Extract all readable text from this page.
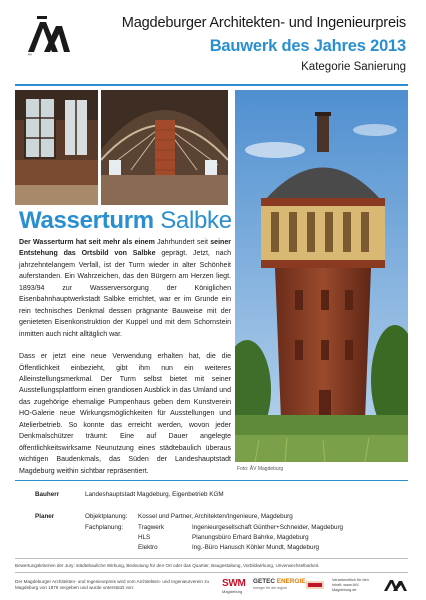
ÅV
Magdeburger Architekten- und Ingenieurpreis
Bauwerk des Jahres 2013
Kategorie Sanierung
Foto: ÅV Magdeburg
Wasserturm Salbke

Der Wasserturm hat seit mehr als einem Jahrhundert seit seiner Entstehung das Ortsbild von Salbke geprägt. Jetzt, nach jahrzehntelangem Verfall, ist der Turm wieder in alter Schönheit auferstanden. Ein Wahrzeichen, das den Bürgern am Herzen liegt. 1893/94 zur Wasserversorgung der Königlichen Eisenbahnhauptwerkstadt Salbke errichtet, war er im Grunde ein rein technisches Denkmal dessen prägnante Bauweise mit der genieteten Eisenkonstruktion der Kuppel und mit dem Schornstein inmitten auch nicht alltäglich war.

Dass er jetzt eine neue Verwendung erhalten hat, die die Öffentlichkeit einbezieht, gibt ihm nun ein weiteres Alleinstellungsmerkmal. Der Turm selbst bietet mit seiner Ausstellungsplattform einen grandiosen Ausblick in das Umland und das zugehörige ehemalige Pumpenhaus geben dem Kunstverein HO-Galerie neue Wirkungsmöglichkeiten für Ausstellungen und Atelierbetrieb. So konnte das erreicht werden, wovon jeder Denkmalschützer träumt: Eine auf Dauer angelegte öffentlichkeitswirksame Neunutzung eines städtebaulich überaus wichtigen Baudenkmals, das Süden der Landeshauptstadt Magdeburg weithin sichtbar repräsentiert.

Bauherr	Landeshauptstadt Magdeburg, Eigenbetrieb KGM
Planer	Objektplanung: Kossel und Partner, Architekten/Ingenieure, Magdeburg
Fachplanung: Tragwerk	Ingenieurgesellschaft Günther+Schneider, Magdeburg
HLS	Planungsbüro Erhard Bahrke, Magdeburg
Elektro	Ing.-Büro Hanusch Köhler Mundt, Magdeburg
Bewertungskriterien der Jury: städtebauliche Wirkung, Bedeutung für den Ort oder das Quartier, Baugestaltung, Vorbildwirkung, Unverwechselbarkeit.
Der Magdeburger Architekten- und Ingenieurpreis wird vom Architekten- und Ingenieurverein zu Magdeburg von 1876 vergeben und wurde unterstützt von:	SWM
Magdeburg
GETEC ENERGIE
energie für die region
Verantwortlich für den Inhalt: www.AIV-Magdeburg.de
